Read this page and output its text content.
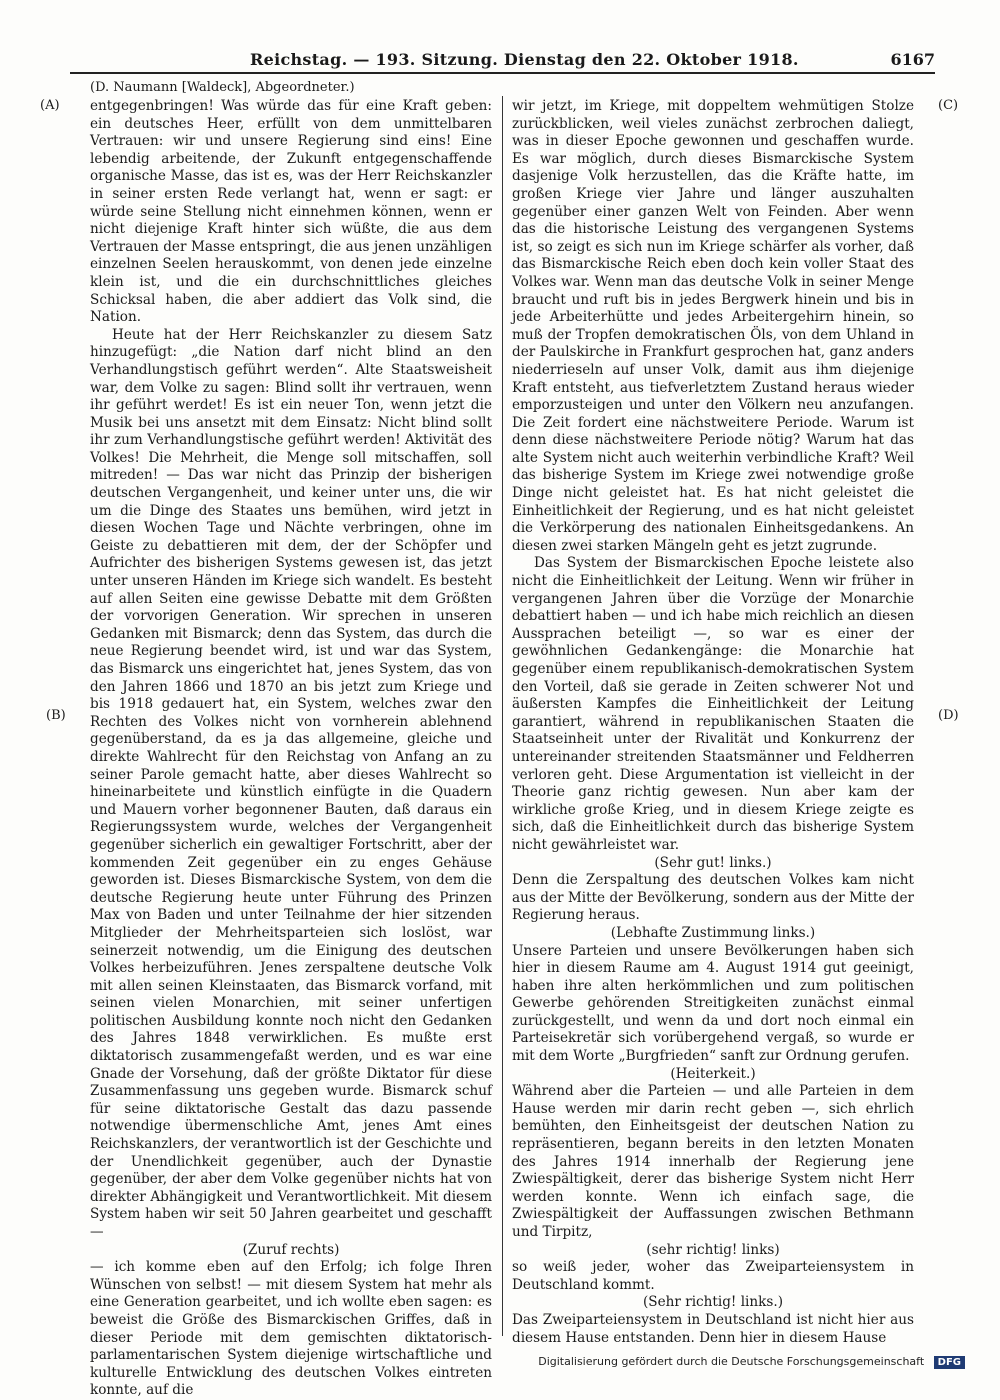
Reichstag. — 193. Sitzung. Dienstag den 22. Oktober 1918.	6167
(D. Naumann [Waldeck], Abgeordneter.)
(A)
(B)
(C)
(D)

entgegenbringen! Was würde das für eine Kraft geben: ein deutsches Heer, erfüllt von dem unmittelbaren Vertrauen: wir und unsere Regierung sind eins! Eine lebendig arbeitende, der Zukunft entgegenschaffende organische Masse, das ist es, was der Herr Reichskanzler in seiner ersten Rede verlangt hat, wenn er sagt: er würde seine Stellung nicht einnehmen können, wenn er nicht diejenige Kraft hinter sich wüßte, die aus dem Vertrauen der Masse entspringt, die aus jenen unzähligen einzelnen Seelen herauskommt, von denen jede einzelne klein ist, und die ein durchschnittliches gleiches Schicksal haben, die aber addiert das Volk sind, die Nation.

Heute hat der Herr Reichskanzler zu diesem Satz hinzugefügt: „die Nation darf nicht blind an den Verhandlungstisch geführt werden“. Alte Staatsweisheit war, dem Volke zu sagen: Blind sollt ihr vertrauen, wenn ihr geführt werdet! Es ist ein neuer Ton, wenn jetzt die Musik bei uns ansetzt mit dem Einsatz: Nicht blind sollt ihr zum Verhandlungstische geführt werden! Aktivität des Volkes! Die Mehrheit, die Menge soll mitschaffen, soll mitreden! — Das war nicht das Prinzip der bisherigen deutschen Vergangenheit, und keiner unter uns, die wir um die Dinge des Staates uns bemühen, wird jetzt in diesen Wochen Tage und Nächte verbringen, ohne im Geiste zu debattieren mit dem, der der Schöpfer und Aufrichter des bisherigen Systems gewesen ist, das jetzt unter unseren Händen im Kriege sich wandelt. Es besteht auf allen Seiten eine gewisse Debatte mit dem Größten der vorvorigen Generation. Wir sprechen in unseren Gedanken mit Bismarck; denn das System, das durch die neue Regierung beendet wird, ist und war das System, das Bismarck uns eingerichtet hat, jenes System, das von den Jahren 1866 und 1870 an bis jetzt zum Kriege und bis 1918 gedauert hat, ein System, welches zwar den Rechten des Volkes nicht von vornherein ablehnend gegenüberstand, da es ja das allgemeine, gleiche und direkte Wahlrecht für den Reichstag von Anfang an zu seiner Parole gemacht hatte, aber dieses Wahlrecht so hineinarbeitete und künstlich einfügte in die Quadern und Mauern vorher begonnener Bauten, daß daraus ein Regierungssystem wurde, welches der Vergangenheit gegenüber sicherlich ein gewaltiger Fortschritt, aber der kommenden Zeit gegenüber ein zu enges Gehäuse geworden ist. Dieses Bismarckische System, von dem die deutsche Regierung heute unter Führung des Prinzen Max von Baden und unter Teilnahme der hier sitzenden Mitglieder der Mehrheitsparteien sich loslöst, war seinerzeit notwendig, um die Einigung des deutschen Volkes herbeizuführen. Jenes zerspaltene deutsche Volk mit allen seinen Kleinstaaten, das Bismarck vorfand, mit seinen vielen Monarchien, mit seiner unfertigen politischen Ausbildung konnte noch nicht den Gedanken des Jahres 1848 verwirklichen. Es mußte erst diktatorisch zusammengefaßt werden, und es war eine Gnade der Vorsehung, daß der größte Diktator für diese Zusammenfassung uns gegeben wurde. Bismarck schuf für seine diktatorische Gestalt das dazu passende notwendige übermenschliche Amt, jenes Amt eines Reichskanzlers, der verantwortlich ist der Geschichte und der Unendlichkeit gegenüber, auch der Dynastie gegenüber, der aber dem Volke gegenüber nichts hat von direkter Abhängigkeit und Verantwortlichkeit. Mit diesem System haben wir seit 50 Jahren gearbeitet und geschafft —

(Zuruf rechts)

— ich komme eben auf den Erfolg; ich folge Ihren Wünschen von selbst! — mit diesem System hat mehr als eine Generation gearbeitet, und ich wollte eben sagen: es beweist die Größe des Bismarckischen Griffes, daß in dieser Periode mit dem gemischten diktatorisch-parlamentarischen System diejenige wirtschaftliche und kulturelle Entwicklung des deutschen Volkes eintreten konnte, auf die

wir jetzt, im Kriege, mit doppeltem wehmütigen Stolze zurückblicken, weil vieles zunächst zerbrochen daliegt, was in dieser Epoche gewonnen und geschaffen wurde. Es war möglich, durch dieses Bismarckische System dasjenige Volk herzustellen, das die Kräfte hatte, im großen Kriege vier Jahre und länger auszuhalten gegenüber einer ganzen Welt von Feinden. Aber wenn das die historische Leistung des vergangenen Systems ist, so zeigt es sich nun im Kriege schärfer als vorher, daß das Bismarckische Reich eben doch kein voller Staat des Volkes war. Wenn man das deutsche Volk in seiner Menge braucht und ruft bis in jedes Bergwerk hinein und bis in jede Arbeiterhütte und jedes Arbeitergehirn hinein, so muß der Tropfen demokratischen Öls, von dem Uhland in der Paulskirche in Frankfurt gesprochen hat, ganz anders niederrieseln auf unser Volk, damit aus ihm diejenige Kraft entsteht, aus tiefverletztem Zustand heraus wieder emporzusteigen und unter den Völkern neu anzufangen. Die Zeit fordert eine nächstweitere Periode. Warum ist denn diese nächstweitere Periode nötig? Warum hat das alte System nicht auch weiterhin verbindliche Kraft? Weil das bisherige System im Kriege zwei notwendige große Dinge nicht geleistet hat. Es hat nicht geleistet die Einheitlichkeit der Regierung, und es hat nicht geleistet die Verkörperung des nationalen Einheitsgedankens. An diesen zwei starken Mängeln geht es jetzt zugrunde.

Das System der Bismarckischen Epoche leistete also nicht die Einheitlichkeit der Leitung. Wenn wir früher in vergangenen Jahren über die Vorzüge der Monarchie debattiert haben — und ich habe mich reichlich an diesen Aussprachen beteiligt —, so war es einer der gewöhnlichen Gedankengänge: die Monarchie hat gegenüber einem republikanisch-demokratischen System den Vorteil, daß sie gerade in Zeiten schwerer Not und äußersten Kampfes die Einheitlichkeit der Leitung garantiert, während in republikanischen Staaten die Staatseinheit unter der Rivalität und Konkurrenz der untereinander streitenden Staatsmänner und Feldherren verloren geht. Diese Argumentation ist vielleicht in der Theorie ganz richtig gewesen. Nun aber kam der wirkliche große Krieg, und in diesem Kriege zeigte es sich, daß die Einheitlichkeit durch das bisherige System nicht gewährleistet war.

(Sehr gut! links.)

Denn die Zerspaltung des deutschen Volkes kam nicht aus der Mitte der Bevölkerung, sondern aus der Mitte der Regierung heraus.

(Lebhafte Zustimmung links.)

Unsere Parteien und unsere Bevölkerungen haben sich hier in diesem Raume am 4. August 1914 gut geeinigt, haben ihre alten herkömmlichen und zum politischen Gewerbe gehörenden Streitigkeiten zunächst einmal zurückgestellt, und wenn da und dort noch einmal ein Parteisekretär sich vorübergehend vergaß, so wurde er mit dem Worte „Burgfrieden“ sanft zur Ordnung gerufen.

(Heiterkeit.)

Während aber die Parteien — und alle Parteien in dem Hause werden mir darin recht geben —, sich ehrlich bemühten, den Einheitsgeist der deutschen Nation zu repräsentieren, begann bereits in den letzten Monaten des Jahres 1914 innerhalb der Regierung jene Zwiespältigkeit, derer das bisherige System nicht Herr werden konnte. Wenn ich einfach sage, die Zwiespältigkeit der Auffassungen zwischen Bethmann und Tirpitz,

(sehr richtig! links)

so weiß jeder, woher das Zweiparteiensystem in Deutschland kommt.

(Sehr richtig! links.)

Das Zweiparteiensystem in Deutschland ist nicht hier aus diesem Hause entstanden. Denn hier in diesem Hause

Digitalisierung gefördert durch die Deutsche Forschungsgemeinschaft DFG
